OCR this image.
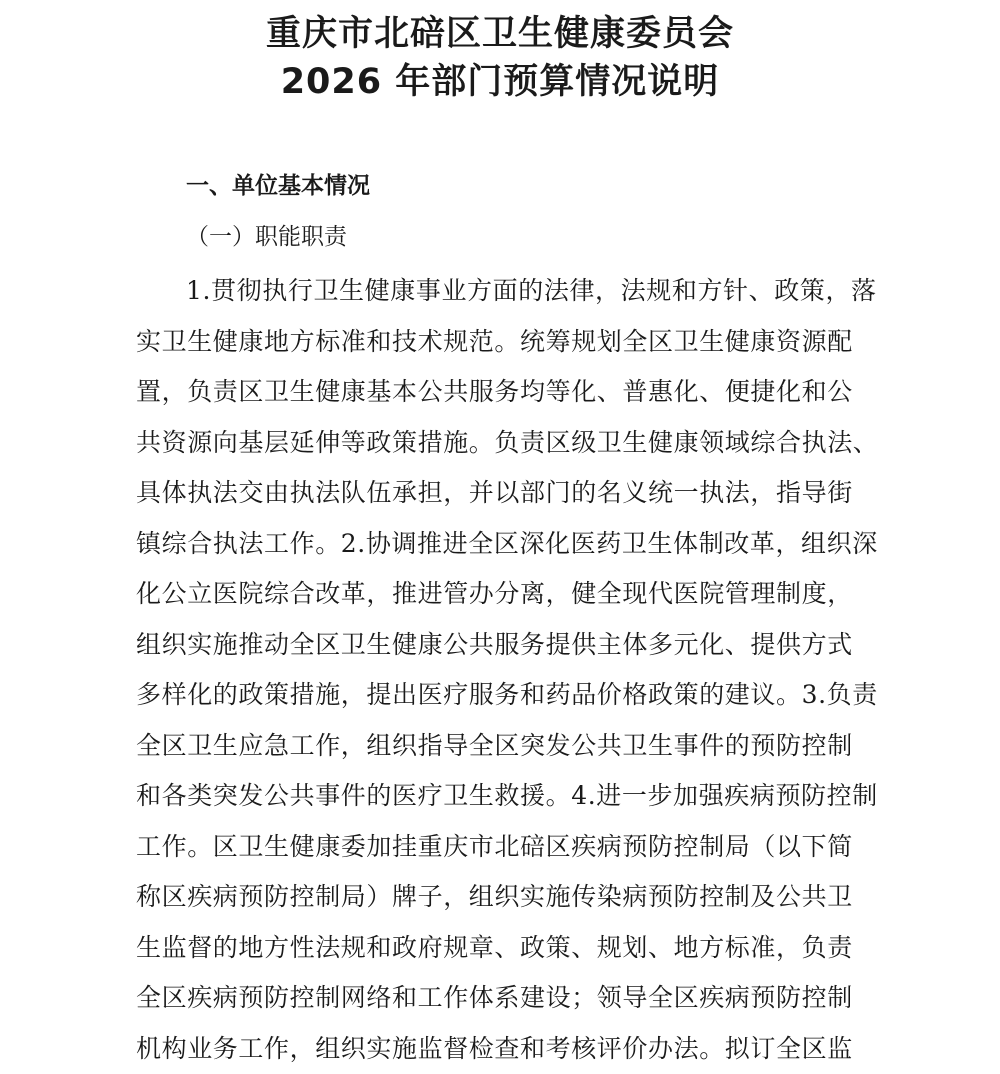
重庆市北碚区卫生健康委员会
2026 年部门预算情况说明
一、单位基本情况
（一）职能职责
1.贯彻执行卫生健康事业方面的法律，法规和方针、政策，落
实卫生健康地方标准和技术规范。统筹规划全区卫生健康资源配
置，负责区卫生健康基本公共服务均等化、普惠化、便捷化和公
共资源向基层延伸等政策措施。负责区级卫生健康领域综合执法、
具体执法交由执法队伍承担，并以部门的名义统一执法，指导街
镇综合执法工作。2.协调推进全区深化医药卫生体制改革，组织深
化公立医院综合改革，推进管办分离，健全现代医院管理制度，
组织实施推动全区卫生健康公共服务提供主体多元化、提供方式
多样化的政策措施，提出医疗服务和药品价格政策的建议。3.负责
全区卫生应急工作，组织指导全区突发公共卫生事件的预防控制
和各类突发公共事件的医疗卫生救援。4.进一步加强疾病预防控制
工作。区卫生健康委加挂重庆市北碚区疾病预防控制局（以下简
称区疾病预防控制局）牌子，组织实施传染病预防控制及公共卫
生监督的地方性法规和政府规章、政策、规划、地方标准，负责
全区疾病预防控制网络和工作体系建设；领导全区疾病预防控制
机构业务工作，组织实施监督检查和考核评价办法。拟订全区监
